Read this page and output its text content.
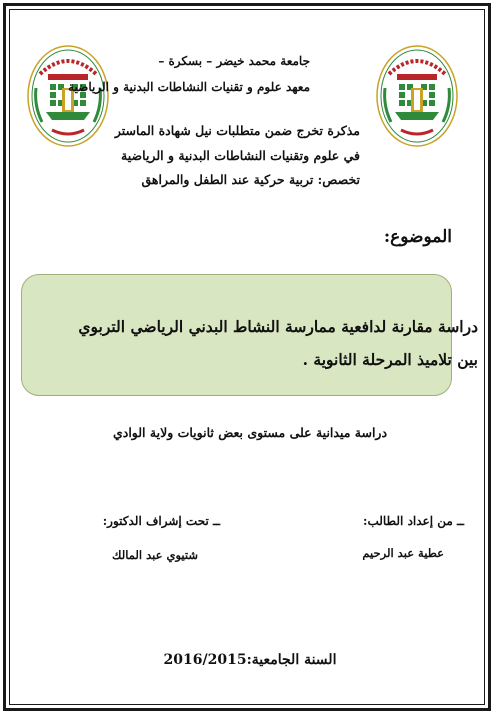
جامعة محمد خيضر – بسكرة –
معهد علوم و تقنيات النشاطات البدنية و الرياضية
مذكرة تخرج ضمن متطلبات نيل شهادة الماستر
في علوم وتقنيات النشاطات البدنية و الرياضية
تخصص: تربية حركية عند الطفل والمراهق
الموضوع:
دراسة مقارنة لدافعية ممارسة النشاط البدني الرياضي التربوي بين تلاميذ المرحلة الثانوية .
دراسة ميدانية على مستوى بعض ثانويات ولاية الوادي
ــ من إعداد الطالب:
ــ تحت إشراف الدكتور:
عطية عبد الرحيم
شتيوي عبد المالك
السنة الجامعية:2016/2015
